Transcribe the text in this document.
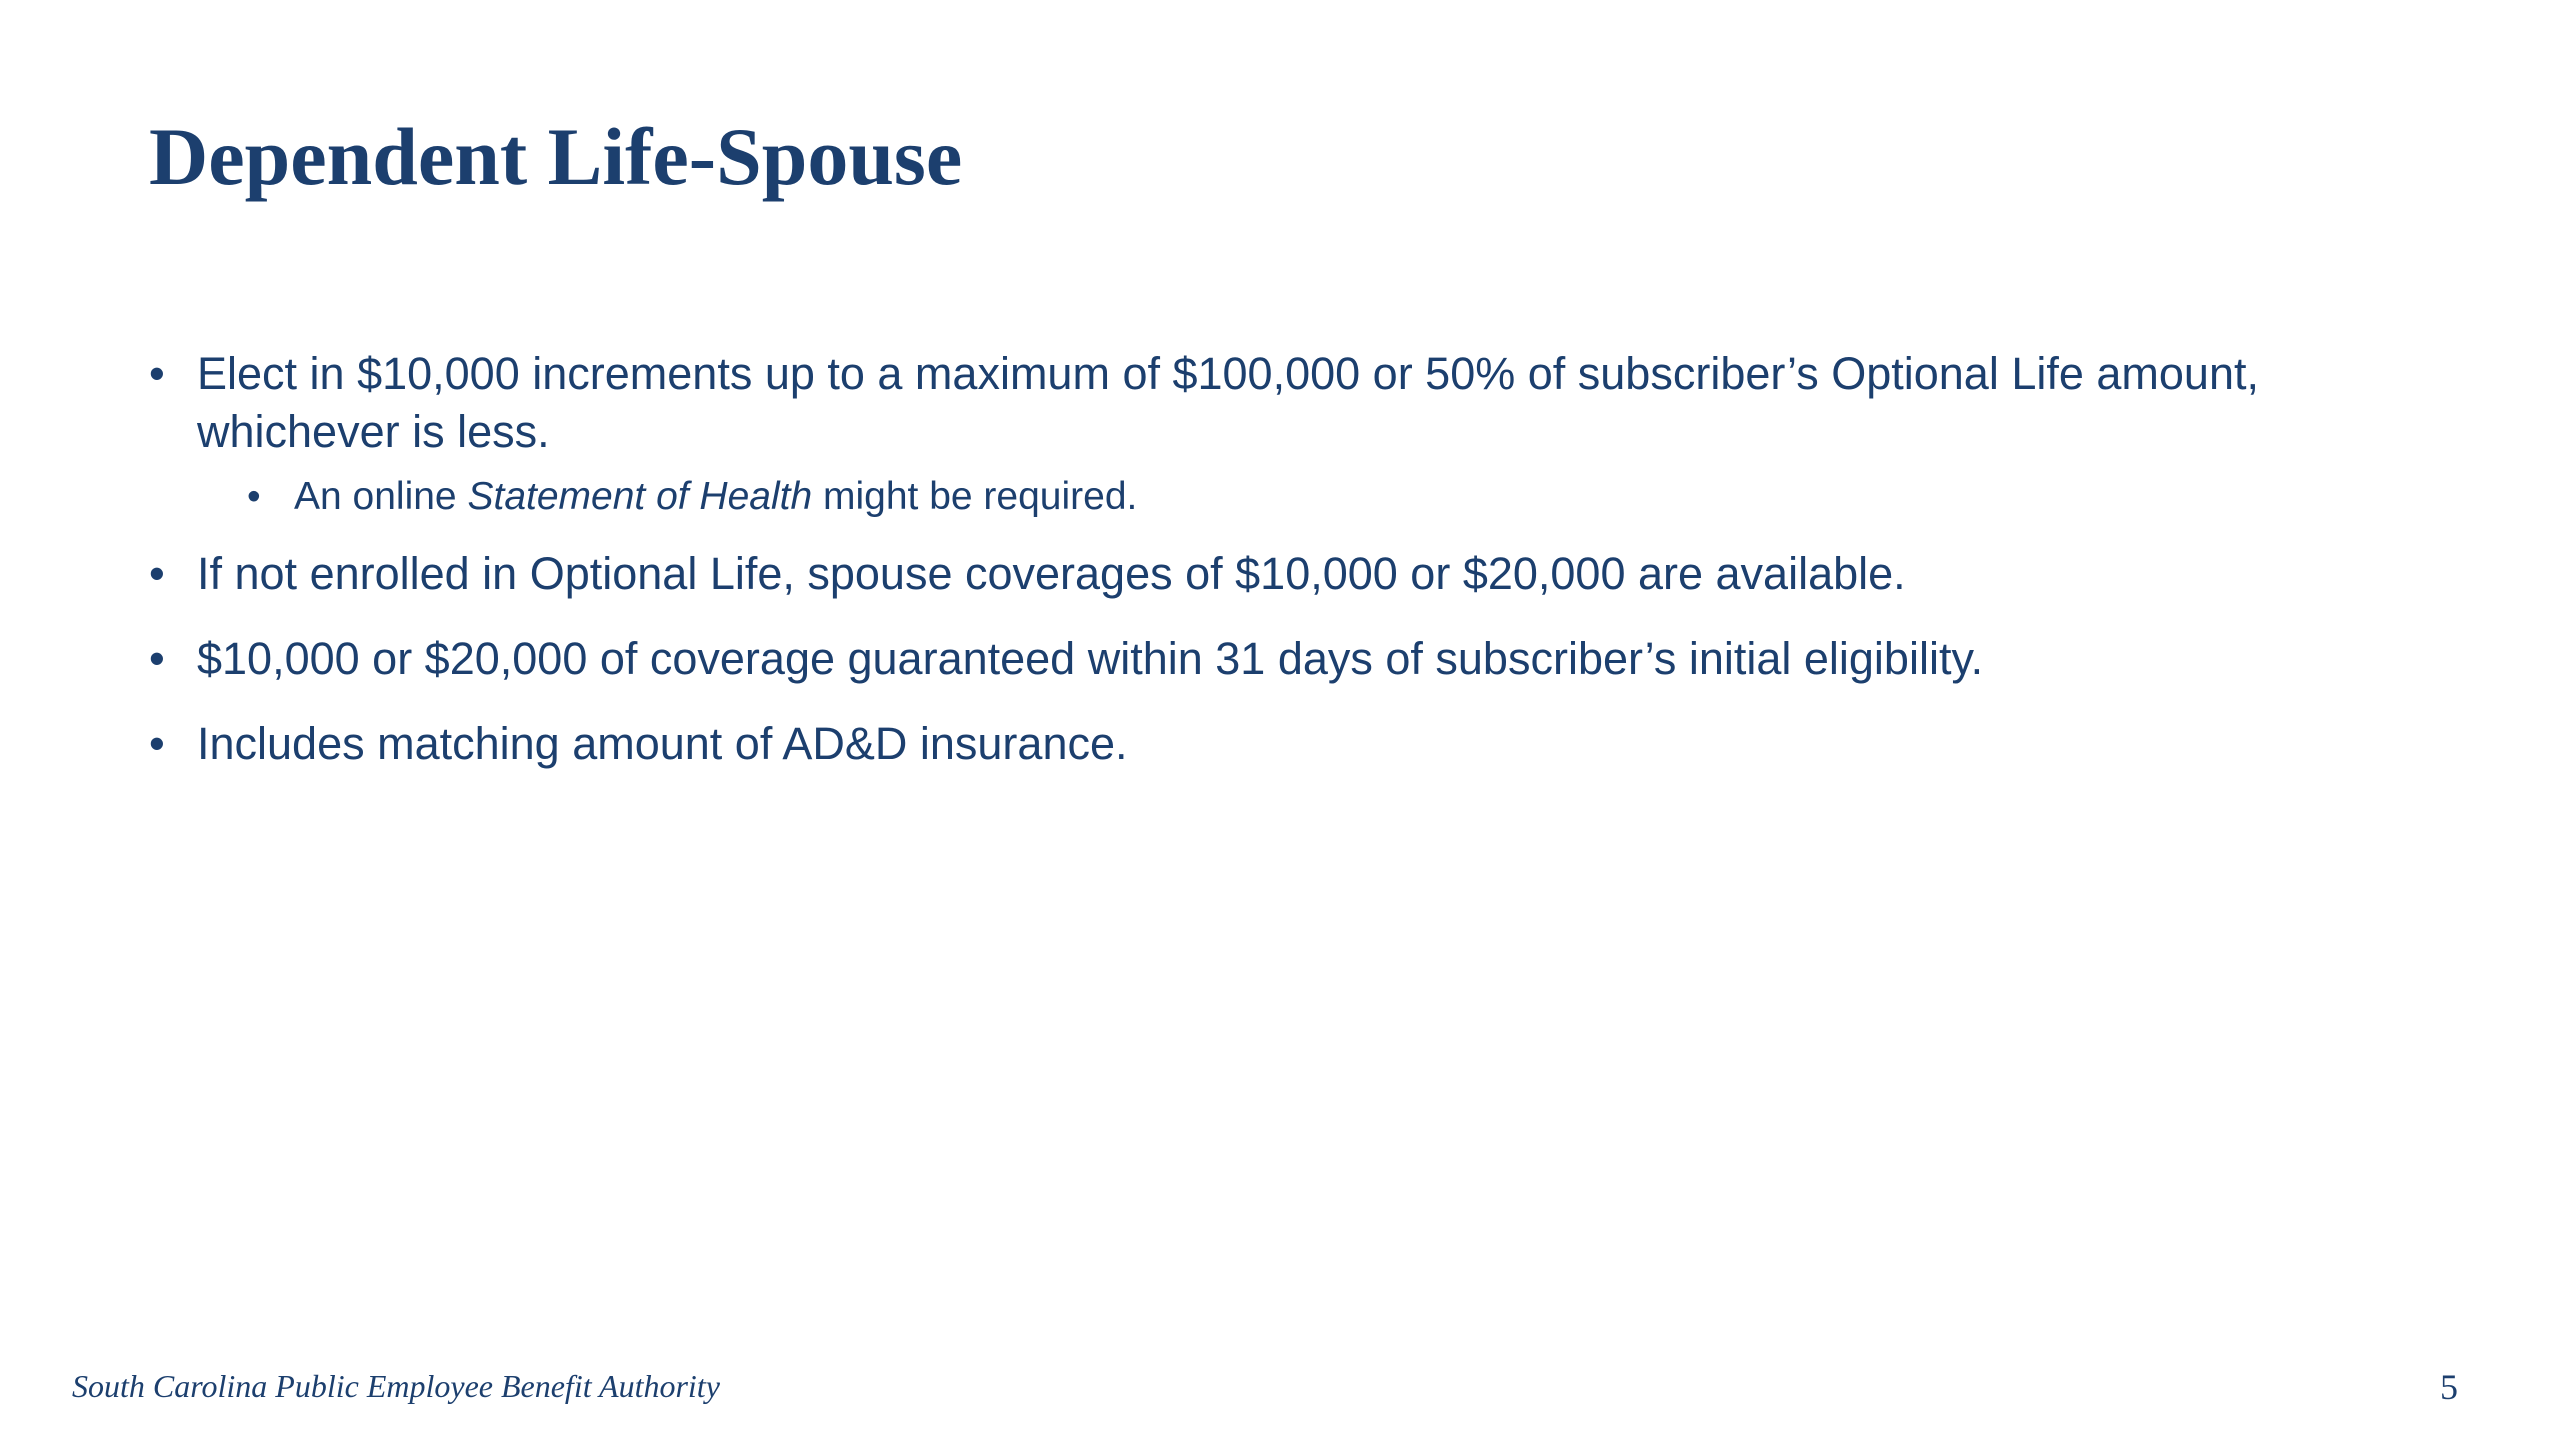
Dependent Life-Spouse
• Elect in $10,000 increments up to a maximum of $100,000 or 50% of subscriber’s Optional Life amount, whichever is less.
• An online Statement of Health might be required.
• If not enrolled in Optional Life, spouse coverages of $10,000 or $20,000 are available.
• $10,000 or $20,000 of coverage guaranteed within 31 days of subscriber’s initial eligibility.
• Includes matching amount of AD&D insurance.
South Carolina Public Employee Benefit Authority	5
